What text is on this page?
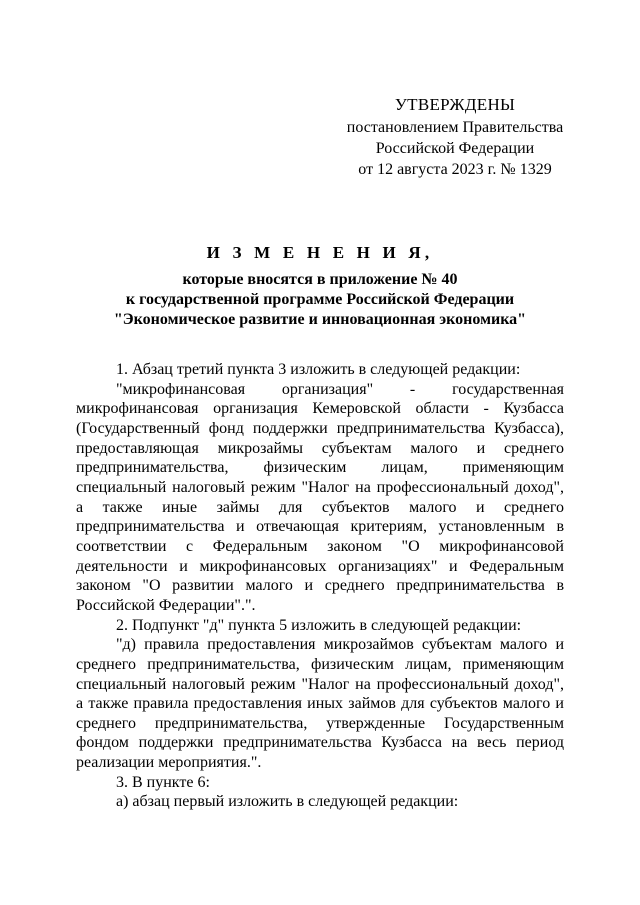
УТВЕРЖДЕНЫ
постановлением Правительства
Российской Федерации
от 12 августа 2023 г. № 1329
И З М Е Н Е Н И Я,
которые вносятся в приложение № 40
к государственной программе Российской Федерации
"Экономическое развитие и инновационная экономика"

1. Абзац третий пункта 3 изложить в следующей редакции:

"микрофинансовая организация" - государственная микрофинансовая организация Кемеровской области - Кузбасса (Государственный фонд поддержки предпринимательства Кузбасса), предоставляющая микрозаймы субъектам малого и среднего предпринимательства, физическим лицам, применяющим специальный налоговый режим "Налог на профессиональный доход", а также иные займы для субъектов малого и среднего предпринимательства и отвечающая критериям, установленным в соответствии с Федеральным законом "О микрофинансовой деятельности и микрофинансовых организациях" и Федеральным законом "О развитии малого и среднего предпринимательства в Российской Федерации".".

2. Подпункт "д" пункта 5 изложить в следующей редакции:

"д) правила предоставления микрозаймов субъектам малого и среднего предпринимательства, физическим лицам, применяющим специальный налоговый режим "Налог на профессиональный доход", а также правила предоставления иных займов для субъектов малого и среднего предпринимательства, утвержденные Государственным фондом поддержки предпринимательства Кузбасса на весь период реализации мероприятия.".

3. В пункте 6:

а) абзац первый изложить в следующей редакции:
